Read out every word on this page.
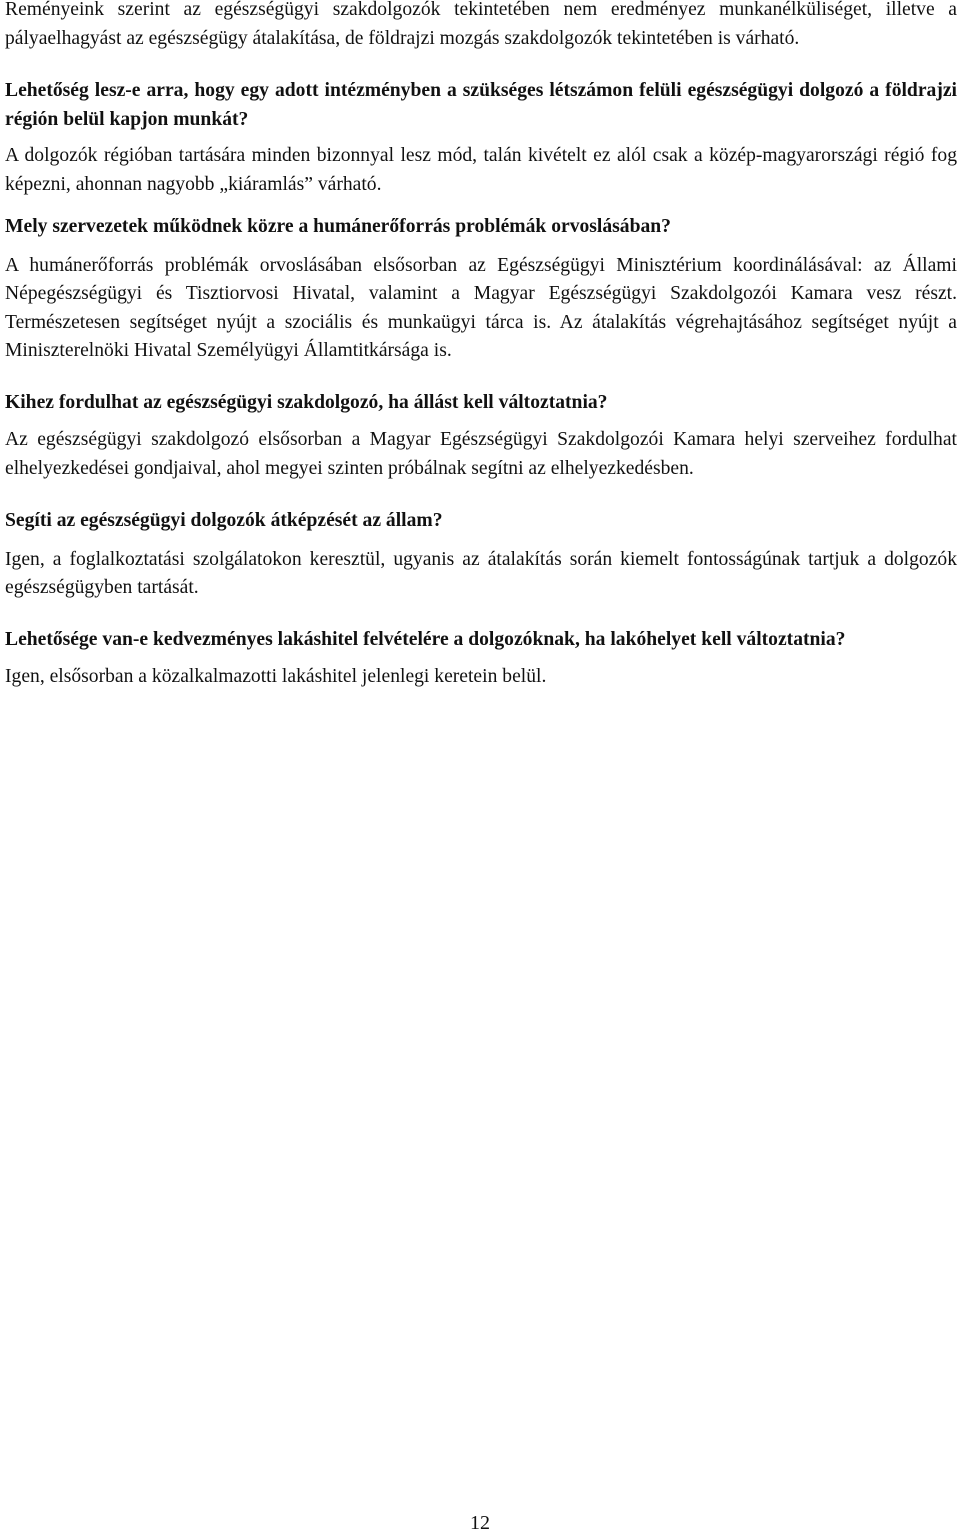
Reményeink szerint az egészségügyi szakdolgozók tekintetében nem eredményez munkanélküliséget, illetve a pályaelhagyást az egészségügy átalakítása, de földrajzi mozgás szakdolgozók tekintetében is várható.

Lehetőség lesz-e arra, hogy egy adott intézményben a szükséges létszámon felüli egészségügyi dolgozó a földrajzi régión belül kapjon munkát?

A dolgozók régióban tartására minden bizonnyal lesz mód, talán kivételt ez alól csak a közép-magyarországi régió fog képezni, ahonnan nagyobb „kiáramlás” várható.

Mely szervezetek működnek közre a humánerőforrás problémák orvoslásában?

A humánerőforrás problémák orvoslásában elsősorban az Egészségügyi Minisztérium koordinálásával: az Állami Népegészségügyi és Tisztiorvosi Hivatal, valamint a Magyar Egészségügyi Szakdolgozói Kamara vesz részt. Természetesen segítséget nyújt a szociális és munkaügyi tárca is. Az átalakítás végrehajtásához segítséget nyújt a Miniszterelnöki Hivatal Személyügyi Államtitkársága is.

Kihez fordulhat az egészségügyi szakdolgozó, ha állást kell változtatnia?

Az egészségügyi szakdolgozó elsősorban a Magyar Egészségügyi Szakdolgozói Kamara helyi szerveihez fordulhat elhelyezkedései gondjaival, ahol megyei szinten próbálnak segítni az elhelyezkedésben.

Segíti az egészségügyi dolgozók átképzését az állam?

Igen, a foglalkoztatási szolgálatokon keresztül, ugyanis az átalakítás során kiemelt fontosságúnak tartjuk a dolgozók egészségügyben tartását.

Lehetősége van-e kedvezményes lakáshitel felvételére a dolgozóknak, ha lakóhelyet kell változtatnia?

Igen, elsősorban a közalkalmazotti lakáshitel jelenlegi keretein belül.

12
